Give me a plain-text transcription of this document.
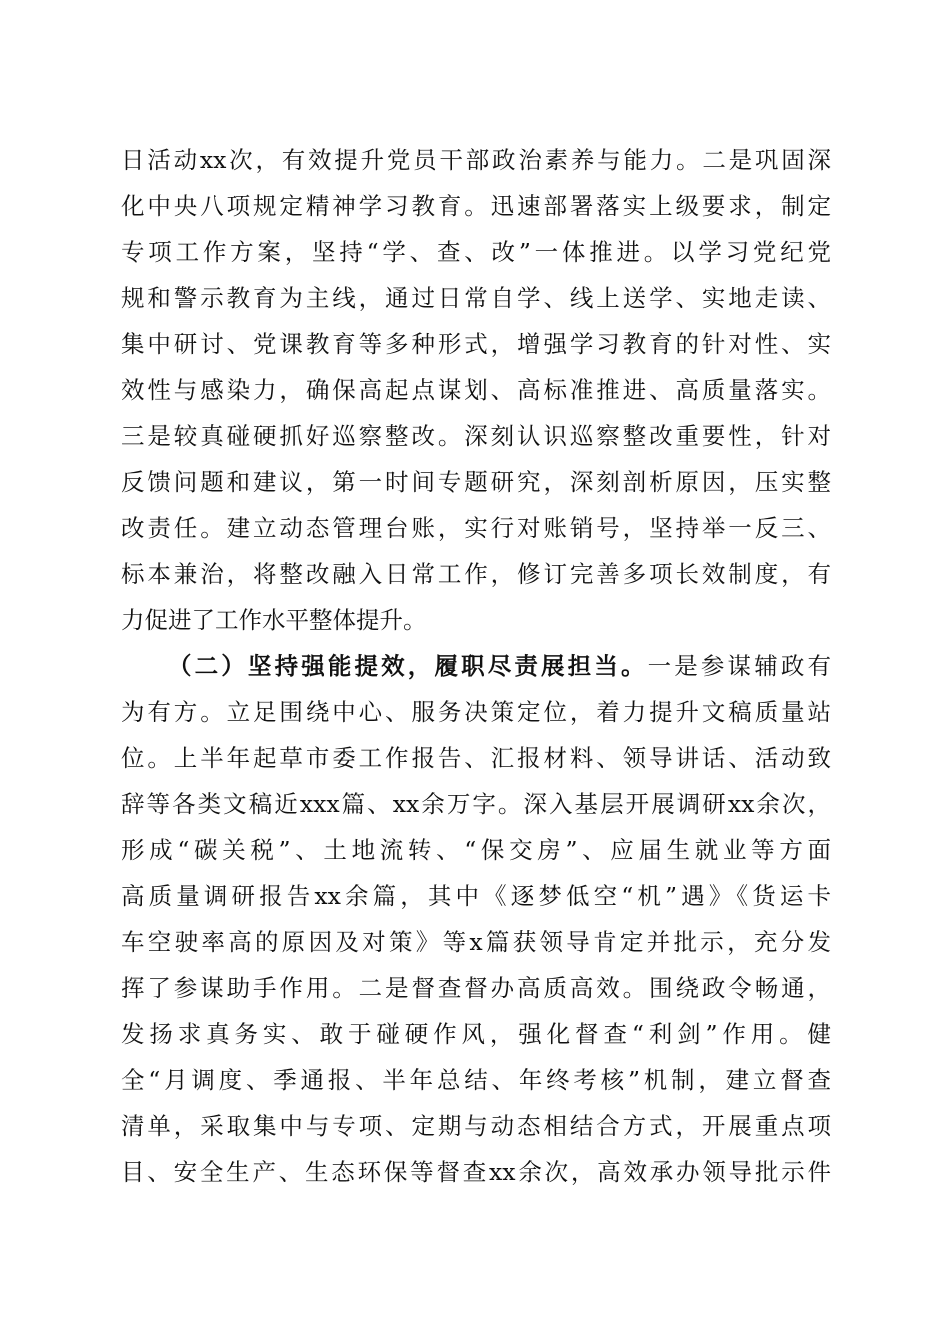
日活动xx次，有效提升党员干部政治素养与能力。二是巩固深
化中央八项规定精神学习教育。迅速部署落实上级要求，制定
专项工作方案，坚持“学、查、改”一体推进。以学习党纪党
规和警示教育为主线，通过日常自学、线上送学、实地走读、
集中研讨、党课教育等多种形式，增强学习教育的针对性、实
效性与感染力，确保高起点谋划、高标准推进、高质量落实。
三是较真碰硬抓好巡察整改。深刻认识巡察整改重要性，针对
反馈问题和建议，第一时间专题研究，深刻剖析原因，压实整
改责任。建立动态管理台账，实行对账销号，坚持举一反三、
标本兼治，将整改融入日常工作，修订完善多项长效制度，有
力促进了工作水平整体提升。
（二）坚持强能提效，履职尽责展担当。一是参谋辅政有
为有方。立足围绕中心、服务决策定位，着力提升文稿质量站
位。上半年起草市委工作报告、汇报材料、领导讲话、活动致
辞等各类文稿近xxx篇、xx余万字。深入基层开展调研xx余次，
形成“碳关税”、土地流转、“保交房”、应届生就业等方面
高质量调研报告xx余篇，其中《逐梦低空“机”遇》《货运卡
车空驶率高的原因及对策》等x篇获领导肯定并批示，充分发
挥了参谋助手作用。二是督查督办高质高效。围绕政令畅通，
发扬求真务实、敢于碰硬作风，强化督查“利剑”作用。健
全“月调度、季通报、半年总结、年终考核”机制，建立督查
清单，采取集中与专项、定期与动态相结合方式，开展重点项
目、安全生产、生态环保等督查xx余次，高效承办领导批示件
